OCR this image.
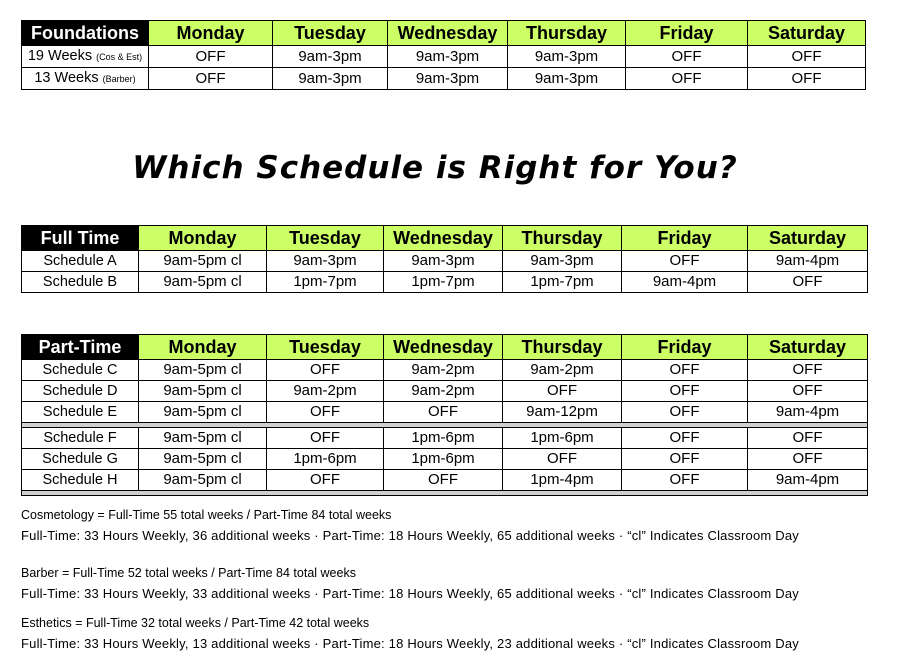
Foundations	Monday	Tuesday	Wednesday	Thursday	Friday	Saturday
19 Weeks (Cos & Est)	OFF	9am-3pm	9am-3pm	9am-3pm	OFF	OFF
13 Weeks (Barber)	OFF	9am-3pm	9am-3pm	9am-3pm	OFF	OFF
Which Schedule is Right for You?
Full Time	Monday	Tuesday	Wednesday	Thursday	Friday	Saturday
Schedule A	9am-5pm cl	9am-3pm	9am-3pm	9am-3pm	OFF	9am-4pm
Schedule B	9am-5pm cl	1pm-7pm	1pm-7pm	1pm-7pm	9am-4pm	OFF
Part-Time	Monday	Tuesday	Wednesday	Thursday	Friday	Saturday
Schedule C	9am-5pm cl	OFF	9am-2pm	9am-2pm	OFF	OFF
Schedule D	9am-5pm cl	9am-2pm	9am-2pm	OFF	OFF	OFF
Schedule E	9am-5pm cl	OFF	OFF	9am-12pm	OFF	9am-4pm

Schedule F	9am-5pm cl	OFF	1pm-6pm	1pm-6pm	OFF	OFF
Schedule G	9am-5pm cl	1pm-6pm	1pm-6pm	OFF	OFF	OFF
Schedule H	9am-5pm cl	OFF	OFF	1pm-4pm	OFF	9am-4pm

Cosmetology = Full-Time 55 total weeks / Part-Time 84 total weeks
Full-Time: 33 Hours Weekly, 36 additional weeks · Part-Time: 18 Hours Weekly, 65 additional weeks · “cl” Indicates Classroom Day
Barber = Full-Time 52 total weeks / Part-Time 84 total weeks
Full-Time: 33 Hours Weekly, 33 additional weeks · Part-Time: 18 Hours Weekly, 65 additional weeks · “cl” Indicates Classroom Day
Esthetics = Full-Time 32 total weeks / Part-Time 42 total weeks
Full-Time: 33 Hours Weekly, 13 additional weeks · Part-Time: 18 Hours Weekly, 23 additional weeks · “cl” Indicates Classroom Day
